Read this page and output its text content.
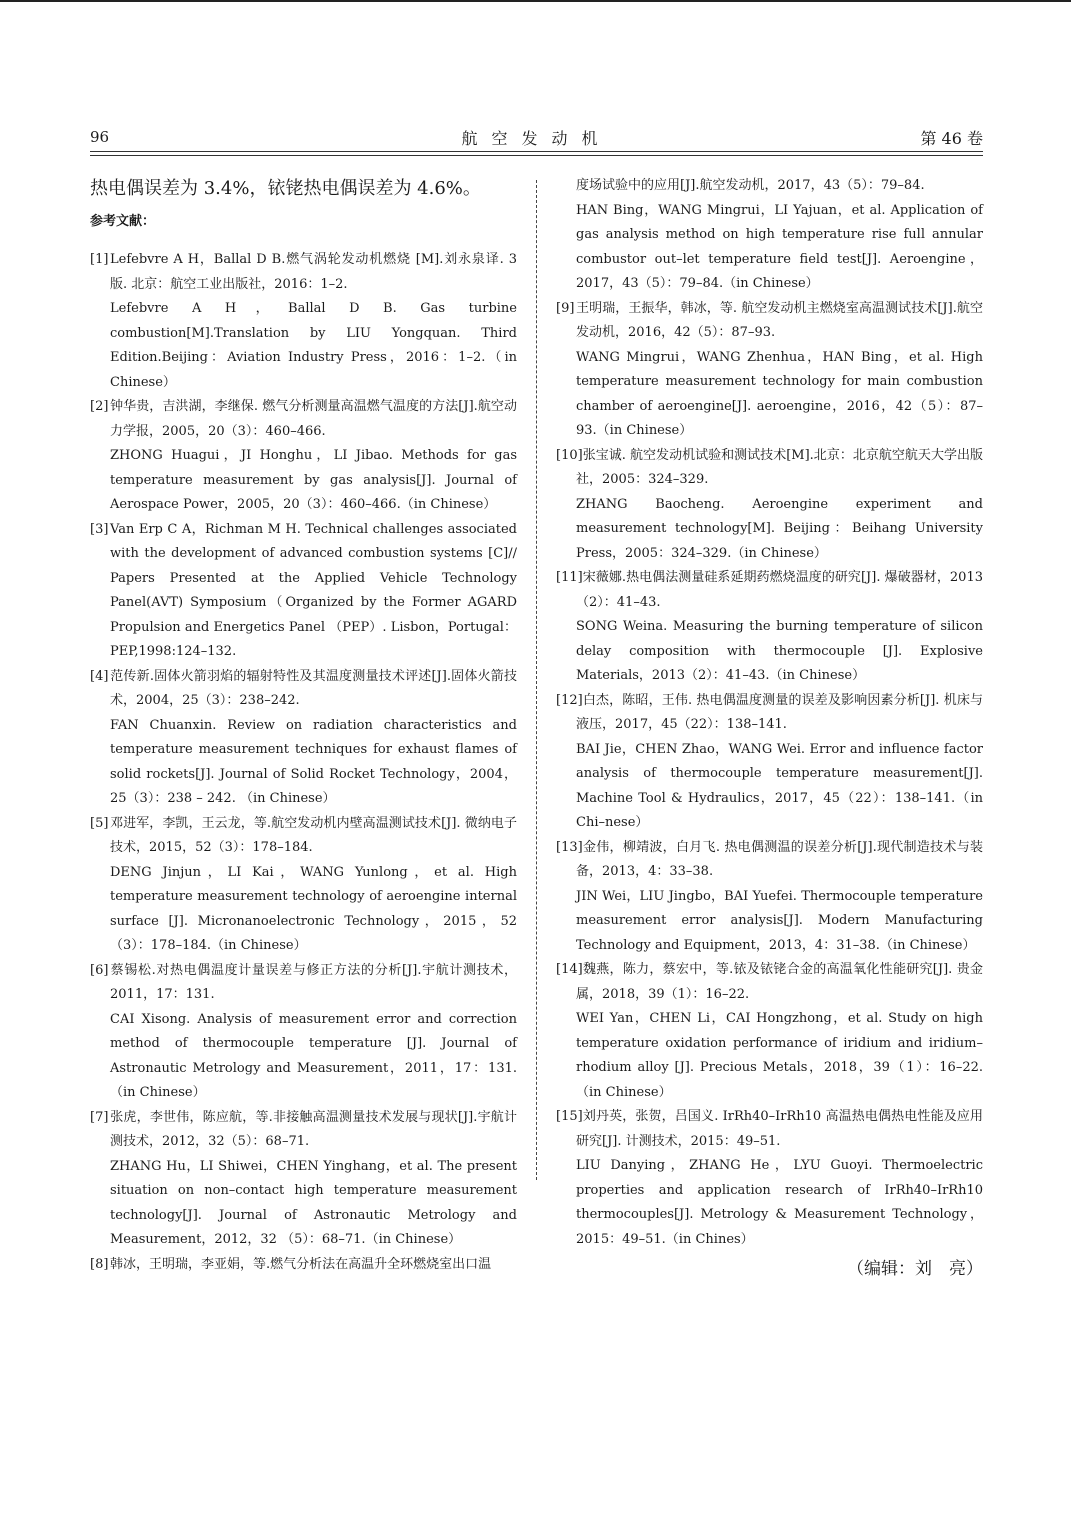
96	航空发动机	第 46 卷

热电偶误差为 3.4%，铱铑热电偶误差为 4.6%。

参考文献：
[1] Lefebvre A H，Ballal D B.燃气涡轮发动机燃烧 [M].刘永泉译. 3 版. 北京：航空工业出版社，2016：1–2.
Lefebvre A H，Ballal D B. Gas turbine combustion[M].Translation by LIU Yongquan. Third Edition.Beijing：Aviation Industry Press，2016：1–2.（in Chinese）
[2] 钟华贵，吉洪湖，李继保. 燃气分析测量高温燃气温度的方法[J].航空动力学报，2005，20（3）：460–466.
ZHONG Huagui，JI Honghu，LI Jibao. Methods for gas temperature measurement by gas analysis[J]. Journal of Aerospace Power，2005，20（3）：460–466.（in Chinese）
[3] Van Erp C A，Richman M H. Technical challenges associated with the development of advanced combustion systems [C]// Papers Presented at the Applied Vehicle Technology Panel(AVT) Symposium（Organized by the Former AGARD Propulsion and Energetics Panel （PEP）. Lisbon，Portugal：PEP,1998:124–132.
[4] 范传新.固体火箭羽焰的辐射特性及其温度测量技术评述[J].固体火箭技术，2004，25（3）：238–242.
FAN Chuanxin. Review on radiation characteristics and temperature measurement techniques for exhaust flames of solid rockets[J]. Journal of Solid Rocket Technology，2004，25（3）：238 – 242. （in Chinese）
[5] 邓进军，李凯，王云龙，等.航空发动机内壁高温测试技术[J]. 微纳电子技术，2015，52（3）：178–184.
DENG Jinjun，LI Kai，WANG Yunlong，et al. High temperature measurement technology of aeroengine internal surface [J]. Micronanoelectronic Technology，2015，52（3）：178–184.（in Chinese）
[6] 蔡锡松.对热电偶温度计量误差与修正方法的分析[J].宇航计测技术，2011，17：131.
CAI Xisong. Analysis of measurement error and correction method of thermocouple temperature [J]. Journal of Astronautic Metrology and Measurement，2011，17：131.（in Chinese）
[7] 张虎，李世伟，陈应航，等.非接触高温测量技术发展与现状[J].宇航计测技术，2012，32（5）：68–71.
ZHANG Hu，LI Shiwei，CHEN Yinghang，et al. The present situation on non–contact high temperature measurement technology[J]. Journal of Astronautic Metrology and Measurement，2012，32 （5）：68–71.（in Chinese）
[8] 韩冰，王明瑞，李亚娟，等.燃气分析法在高温升全环燃烧室出口温
度场试验中的应用[J].航空发动机，2017，43（5）：79–84.
HAN Bing，WANG Mingrui，LI Yajuan，et al. Application of gas analysis method on high temperature rise full annular combustor out–let temperature field test[J]. Aeroengine，2017，43（5）：79–84.（in Chinese）
[9] 王明瑞，王振华，韩冰，等. 航空发动机主燃烧室高温测试技术[J].航空发动机，2016，42（5）：87–93.
WANG Mingrui，WANG Zhenhua，HAN Bing，et al. High temperature measurement technology for main combustion chamber of aeroengine[J]. aeroengine，2016，42（5）：87–93.（in Chinese）
[10]张宝诚. 航空发动机试验和测试技术[M].北京：北京航空航天大学出版社，2005：324–329.
ZHANG Baocheng. Aeroengine experiment and measurement technology[M]. Beijing：Beihang University Press，2005：324–329.（in Chinese）
[11]宋薇娜.热电偶法测量硅系延期药燃烧温度的研究[J]. 爆破器材，2013（2）：41–43.
SONG Weina. Measuring the burning temperature of silicon delay composition with thermocouple [J]. Explosive Materials，2013（2）：41–43.（in Chinese）
[12]白杰，陈昭，王伟. 热电偶温度测量的误差及影响因素分析[J]. 机床与液压，2017，45（22）：138–141.
BAI Jie，CHEN Zhao，WANG Wei. Error and influence factor analysis of thermocouple temperature measurement[J]. Machine Tool & Hydraulics，2017，45（22）：138–141.（in Chi–nese）
[13]金伟，柳靖波，白月飞. 热电偶测温的误差分析[J].现代制造技术与装备，2013，4：33–38.
JIN Wei，LIU Jingbo，BAI Yuefei. Thermocouple temperature measurement error analysis[J]. Modern Manufacturing Technology and Equipment，2013，4：31–38.（in Chinese）
[14]魏燕，陈力，蔡宏中，等.铱及铱铑合金的高温氧化性能研究[J]. 贵金属，2018，39（1）：16–22.
WEI Yan，CHEN Li，CAI Hongzhong，et al. Study on high temperature oxidation performance of iridium and iridium–rhodium alloy [J]. Precious Metals，2018，39（1）：16–22.（in Chinese）
[15]刘丹英，张贺，吕国义. IrRh40–IrRh10 高温热电偶热电性能及应用研究[J]. 计测技术，2015：49–51.
LIU Danying，ZHANG He，LYU Guoyi. Thermoelectric properties and application research of IrRh40–IrRh10 thermocouples[J]. Metrology & Measurement Technology，2015：49–51.（in Chines）
（编辑：刘　亮）
